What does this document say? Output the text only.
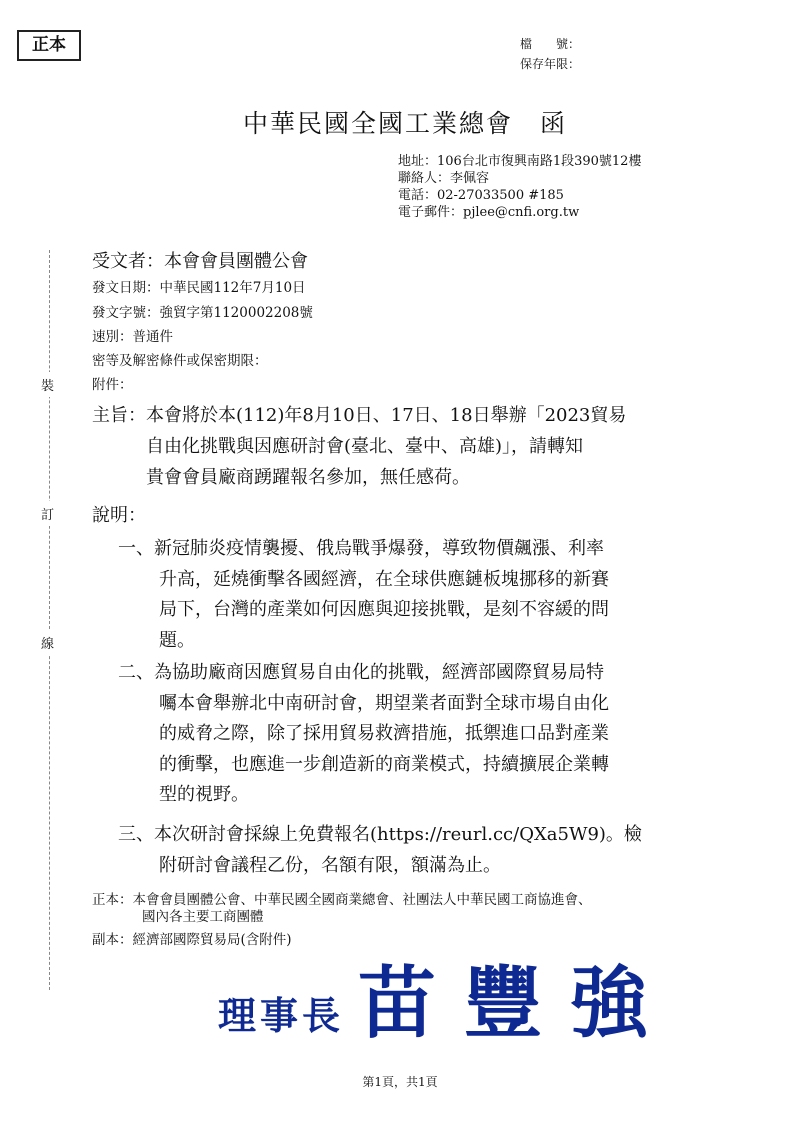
正本	檔　　號：
保存年限：
中華民國全國工業總會　函
地址：106台北市復興南路1段390號12樓
聯絡人：李佩容
電話：02-27033500 #185
電子郵件：pjlee@cnfi.org.tw
裝
訂
線
受文者：本會會員團體公會
發文日期：中華民國112年7月10日
發文字號：強貿字第1120002208號
速別：普通件
密等及解密條件或保密期限：
附件：
主旨：本會將於本(112)年8月10日、17日、18日舉辦「2023貿易
自由化挑戰與因應研討會(臺北、臺中、高雄)」，請轉知
貴會會員廠商踴躍報名參加，無任感荷。
說明：
一、新冠肺炎疫情襲擾、俄烏戰爭爆發，導致物價飆漲、利率
升高，延燒衝擊各國經濟，在全球供應鏈板塊挪移的新賽
局下，台灣的產業如何因應與迎接挑戰，是刻不容緩的問
題。
二、為協助廠商因應貿易自由化的挑戰，經濟部國際貿易局特
囑本會舉辦北中南研討會，期望業者面對全球市場自由化
的威脅之際，除了採用貿易救濟措施，抵禦進口品對產業
的衝擊，也應進一步創造新的商業模式，持續擴展企業轉
型的視野。
三、本次研討會採線上免費報名(https://reurl.cc/QXa5W9)。檢
附研討會議程乙份，名額有限，額滿為止。
正本：本會會員團體公會、中華民國全國商業總會、社團法人中華民國工商協進會、
國內各主要工商團體
副本：經濟部國際貿易局(含附件)
理事長 苗豐強
第1頁，共1頁
